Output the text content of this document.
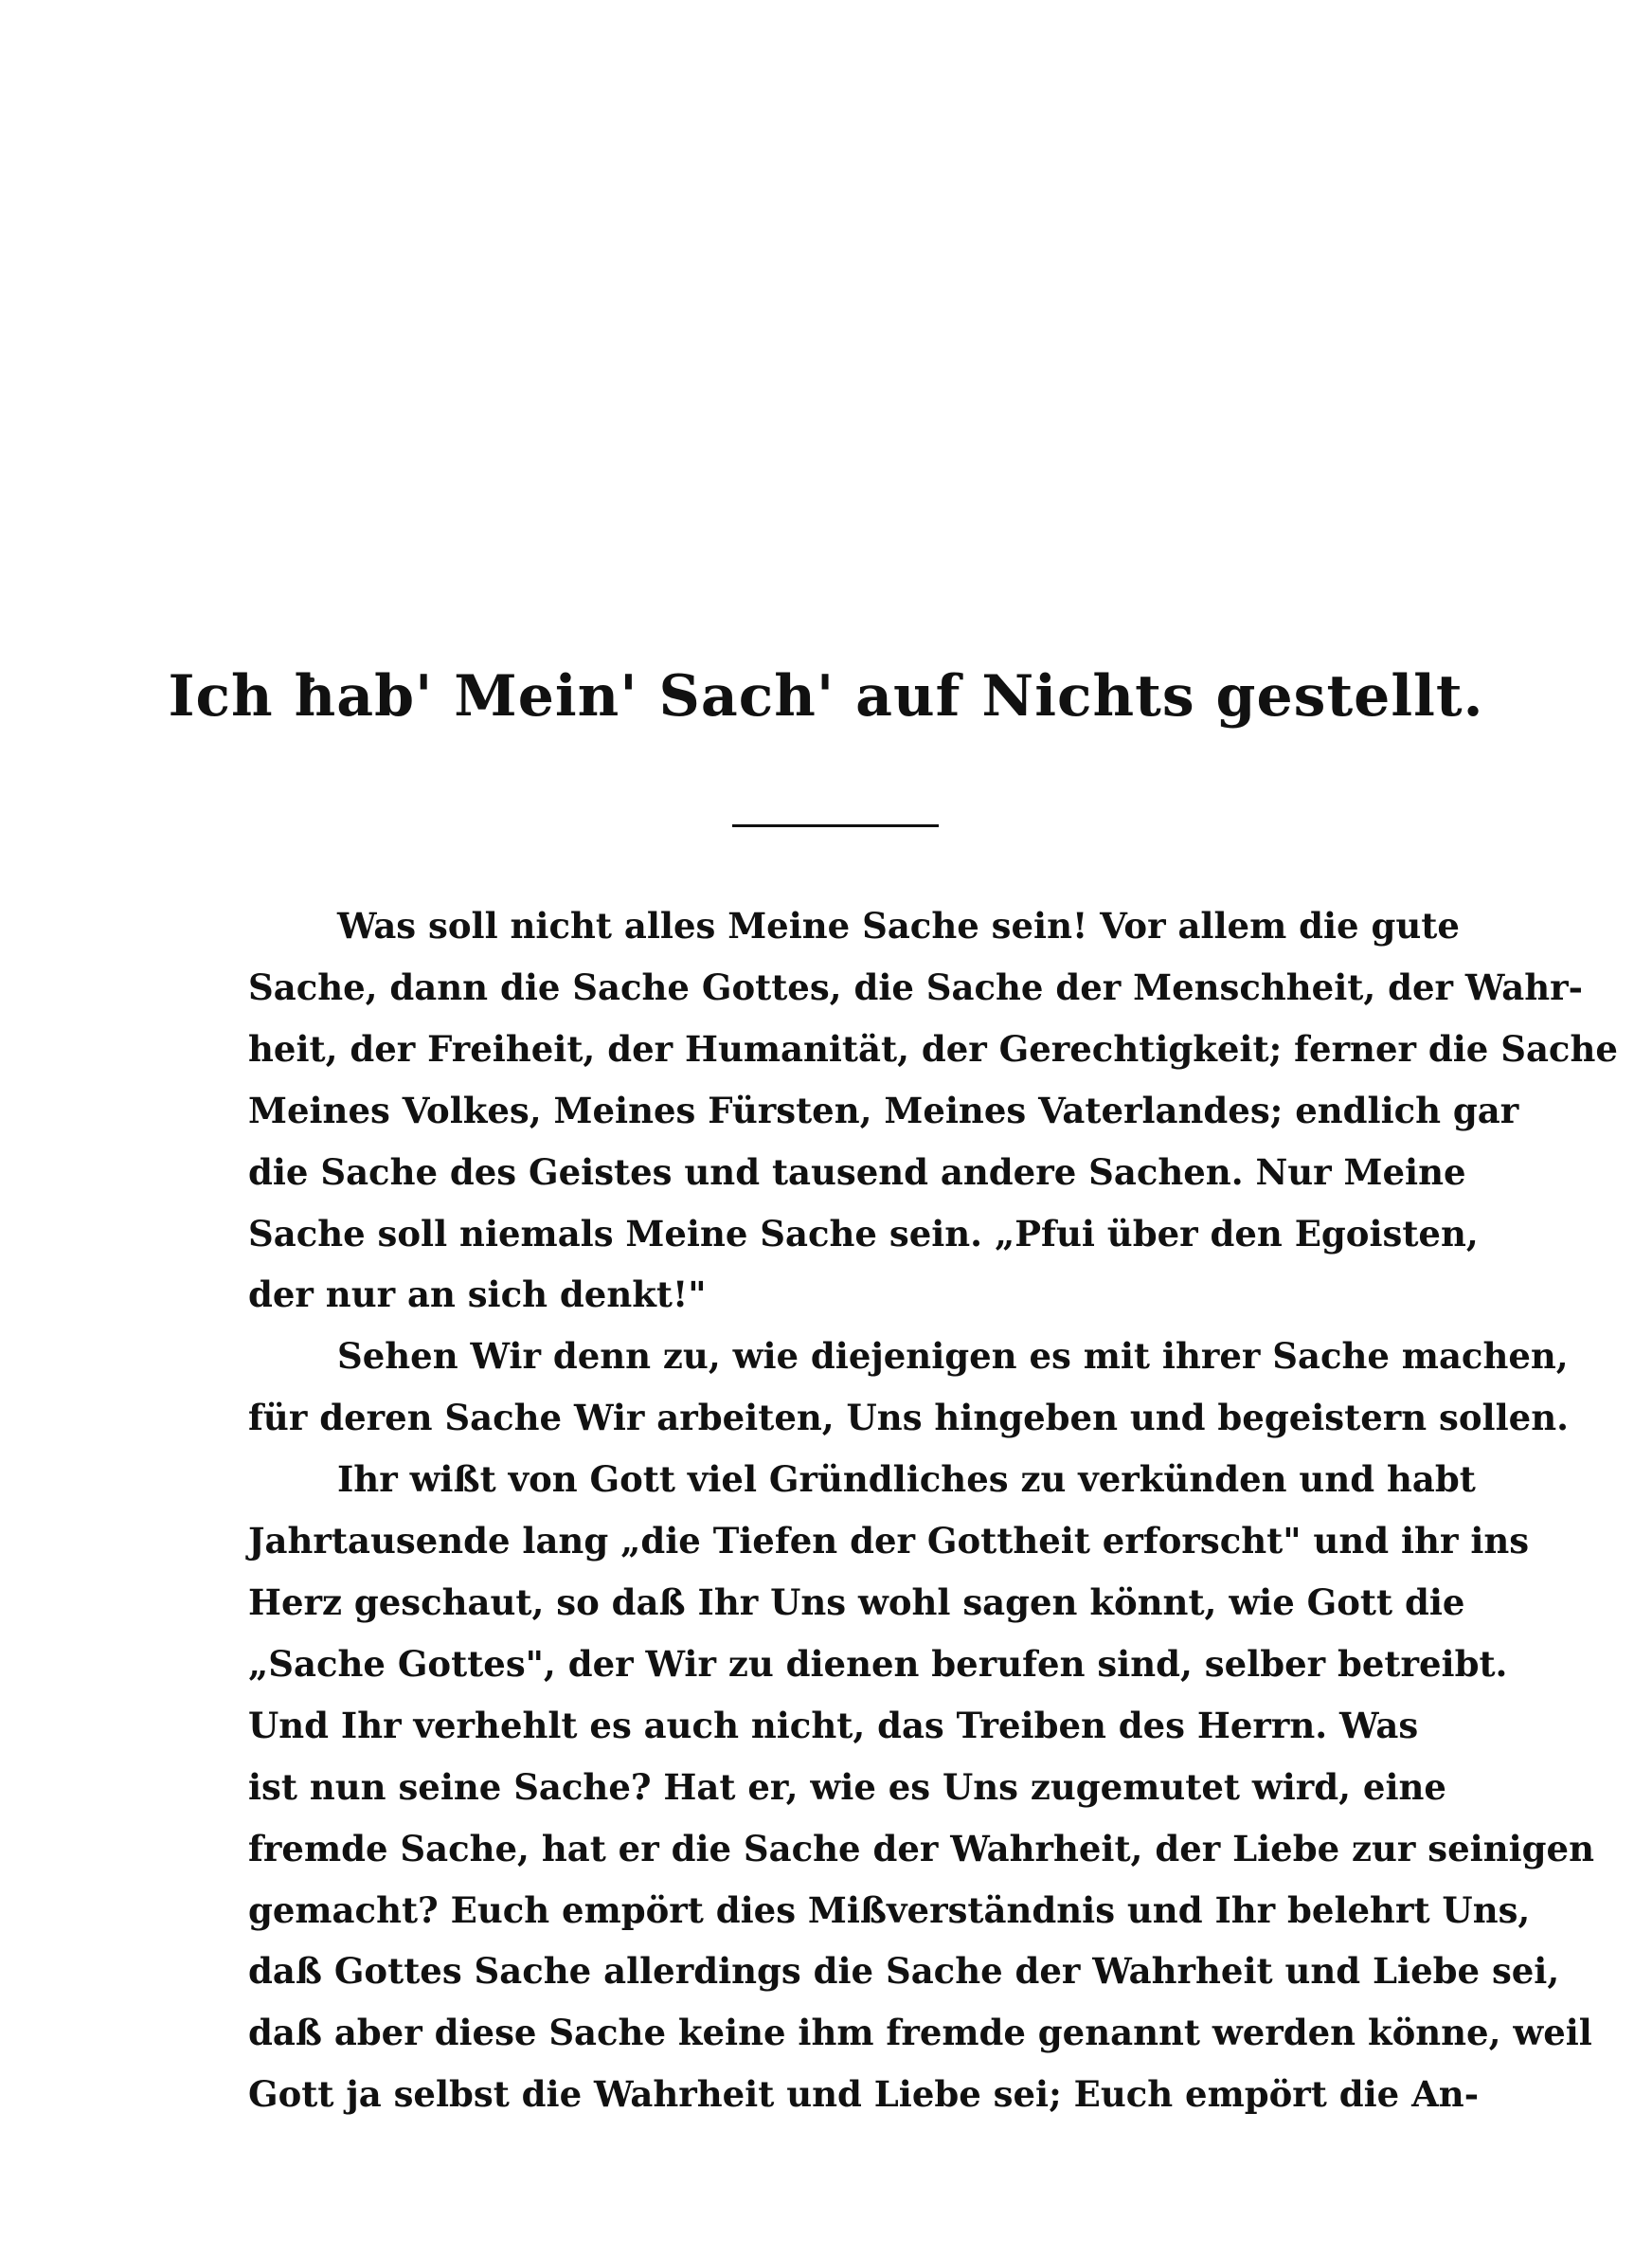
Ich hab' Mein' Sach' auf Nichts gestellt.
Was soll nicht alles Meine Sache sein! Vor allem die gute
Sache, dann die Sache Gottes, die Sache der Menschheit, der Wahr-
heit, der Freiheit, der Humanität, der Gerechtigkeit; ferner die Sache
Meines Volkes, Meines Fürsten, Meines Vaterlandes; endlich gar
die Sache des Geistes und tausend andere Sachen. Nur Meine
Sache soll niemals Meine Sache sein. „Pfui über den Egoisten,
der nur an sich denkt!"
Sehen Wir denn zu, wie diejenigen es mit ihrer Sache machen,
für deren Sache Wir arbeiten, Uns hingeben und begeistern sollen.
Ihr wißt von Gott viel Gründliches zu verkünden und habt
Jahrtausende lang „die Tiefen der Gottheit erforscht" und ihr ins
Herz geschaut, so daß Ihr Uns wohl sagen könnt, wie Gott die
„Sache Gottes", der Wir zu dienen berufen sind, selber betreibt.
Und Ihr verhehlt es auch nicht, das Treiben des Herrn. Was
ist nun seine Sache? Hat er, wie es Uns zugemutet wird, eine
fremde Sache, hat er die Sache der Wahrheit, der Liebe zur seinigen
gemacht? Euch empört dies Mißverständnis und Ihr belehrt Uns,
daß Gottes Sache allerdings die Sache der Wahrheit und Liebe sei,
daß aber diese Sache keine ihm fremde genannt werden könne, weil
Gott ja selbst die Wahrheit und Liebe sei; Euch empört die An-
